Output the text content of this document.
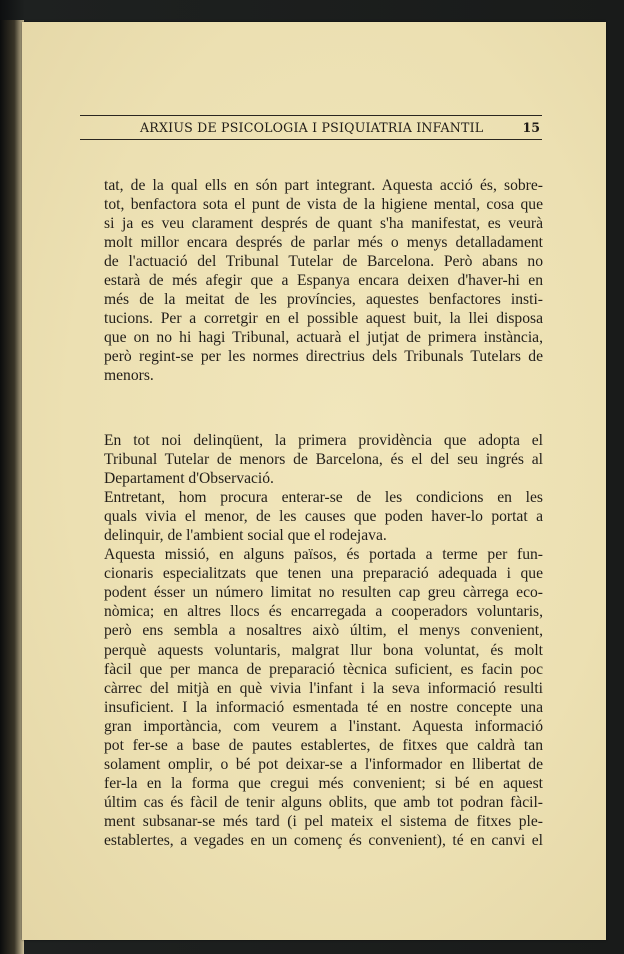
ARXIUS DE PSICOLOGIA I PSIQUIATRIA INFANTIL	15

tat, de la qual ells en són part integrant. Aquesta acció és, sobre-
tot, benfactora sota el punt de vista de la higiene mental, cosa que
si ja es veu clarament després de quant s'ha manifestat, es veurà
molt millor encara després de parlar més o menys detalladament
de l'actuació del Tribunal Tutelar de Barcelona. Però abans no
estarà de més afegir que a Espanya encara deixen d'haver-hi en
més de la meitat de les províncies, aquestes benfactores insti-
tucions. Per a corretgir en el possible aquest buit, la llei disposa
que on no hi hagi Tribunal, actuarà el jutjat de primera instància,
però regint-se per les normes directrius dels Tribunals Tutelars de
menors.

En tot noi delinqüent, la primera providència que adopta el
Tribunal Tutelar de menors de Barcelona, és el del seu ingrés al
Departament d'Observació.

Entretant, hom procura enterar-se de les condicions en les
quals vivia el menor, de les causes que poden haver-lo portat a
delinquir, de l'ambient social que el rodejava.

Aquesta missió, en alguns països, és portada a terme per fun-
cionaris especialitzats que tenen una preparació adequada i que
podent ésser un número limitat no resulten cap greu càrrega eco-
nòmica; en altres llocs és encarregada a cooperadors voluntaris,
però ens sembla a nosaltres això últim, el menys convenient,
perquè aquests voluntaris, malgrat llur bona voluntat, és molt
fàcil que per manca de preparació tècnica suficient, es facin poc
càrrec del mitjà en què vivia l'infant i la seva informació resulti
insuficient. I la informació esmentada té en nostre concepte una
gran importància, com veurem a l'instant. Aquesta informació
pot fer-se a base de pautes establertes, de fitxes que caldrà tan
solament omplir, o bé pot deixar-se a l'informador en llibertat de
fer-la en la forma que cregui més convenient; si bé en aquest
últim cas és fàcil de tenir alguns oblits, que amb tot podran fàcil-
ment subsanar-se més tard (i pel mateix el sistema de fitxes ple-
establertes, a vegades en un començ és convenient), té en canvi el
